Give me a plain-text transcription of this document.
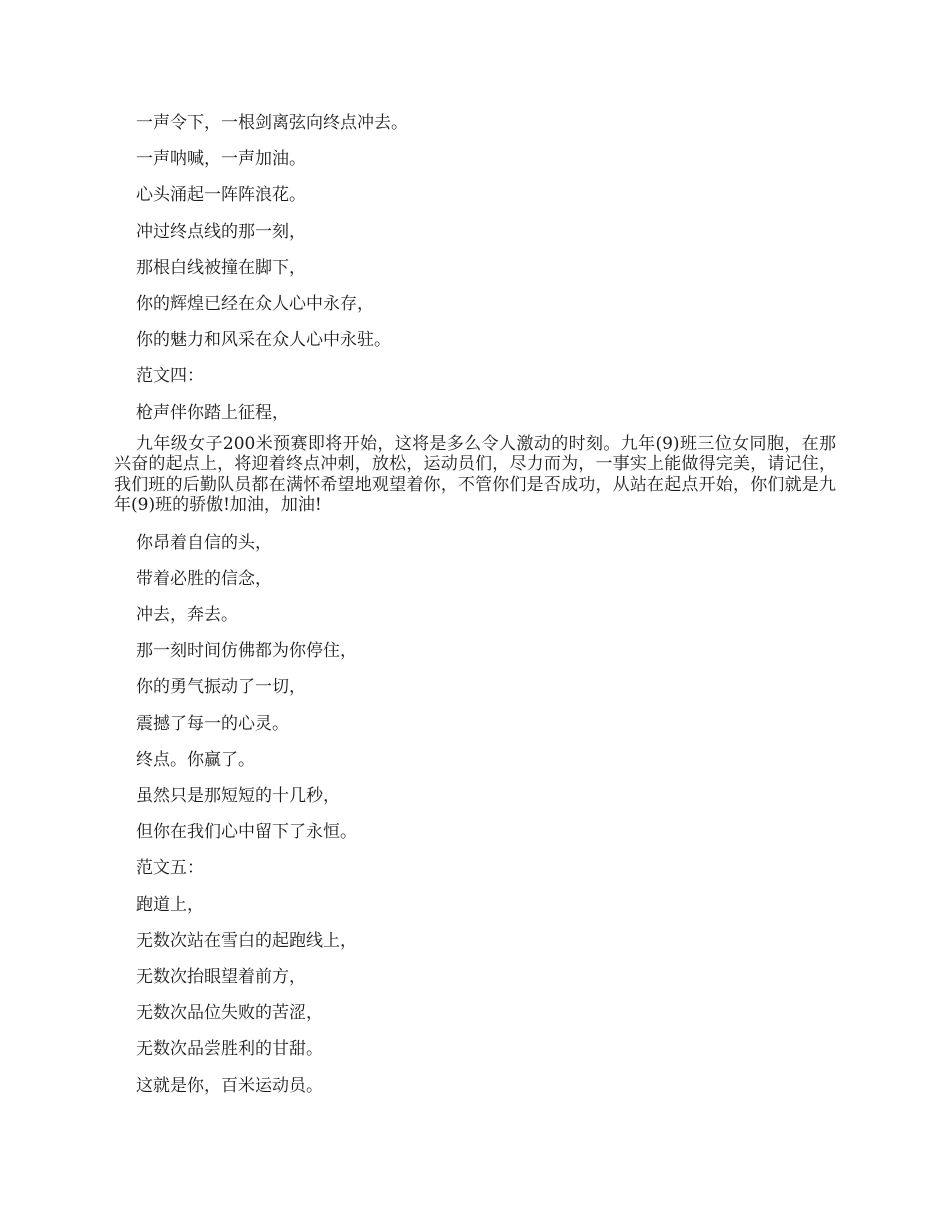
一声令下，一根剑离弦向终点冲去。

一声呐喊，一声加油。

心头涌起一阵阵浪花。

冲过终点线的那一刻，

那根白线被撞在脚下，

你的辉煌已经在众人心中永存，

你的魅力和风采在众人心中永驻。

范文四：

枪声伴你踏上征程，

九年级女子200米预赛即将开始，这将是多么令人激动的时刻。九年(9)班三位女同胞，在那兴奋的起点上，将迎着终点冲刺，放松，运动员们，尽力而为，一事实上能做得完美，请记住，我们班的后勤队员都在满怀希望地观望着你，不管你们是否成功，从站在起点开始，你们就是九年(9)班的骄傲!加油，加油!

你昂着自信的头，

带着必胜的信念，

冲去，奔去。

那一刻时间仿佛都为你停住，

你的勇气振动了一切，

震撼了每一的心灵。

终点。你赢了。

虽然只是那短短的十几秒，

但你在我们心中留下了永恒。

范文五：

跑道上，

无数次站在雪白的起跑线上，

无数次抬眼望着前方，

无数次品位失败的苦涩，

无数次品尝胜利的甘甜。

这就是你，百米运动员。
